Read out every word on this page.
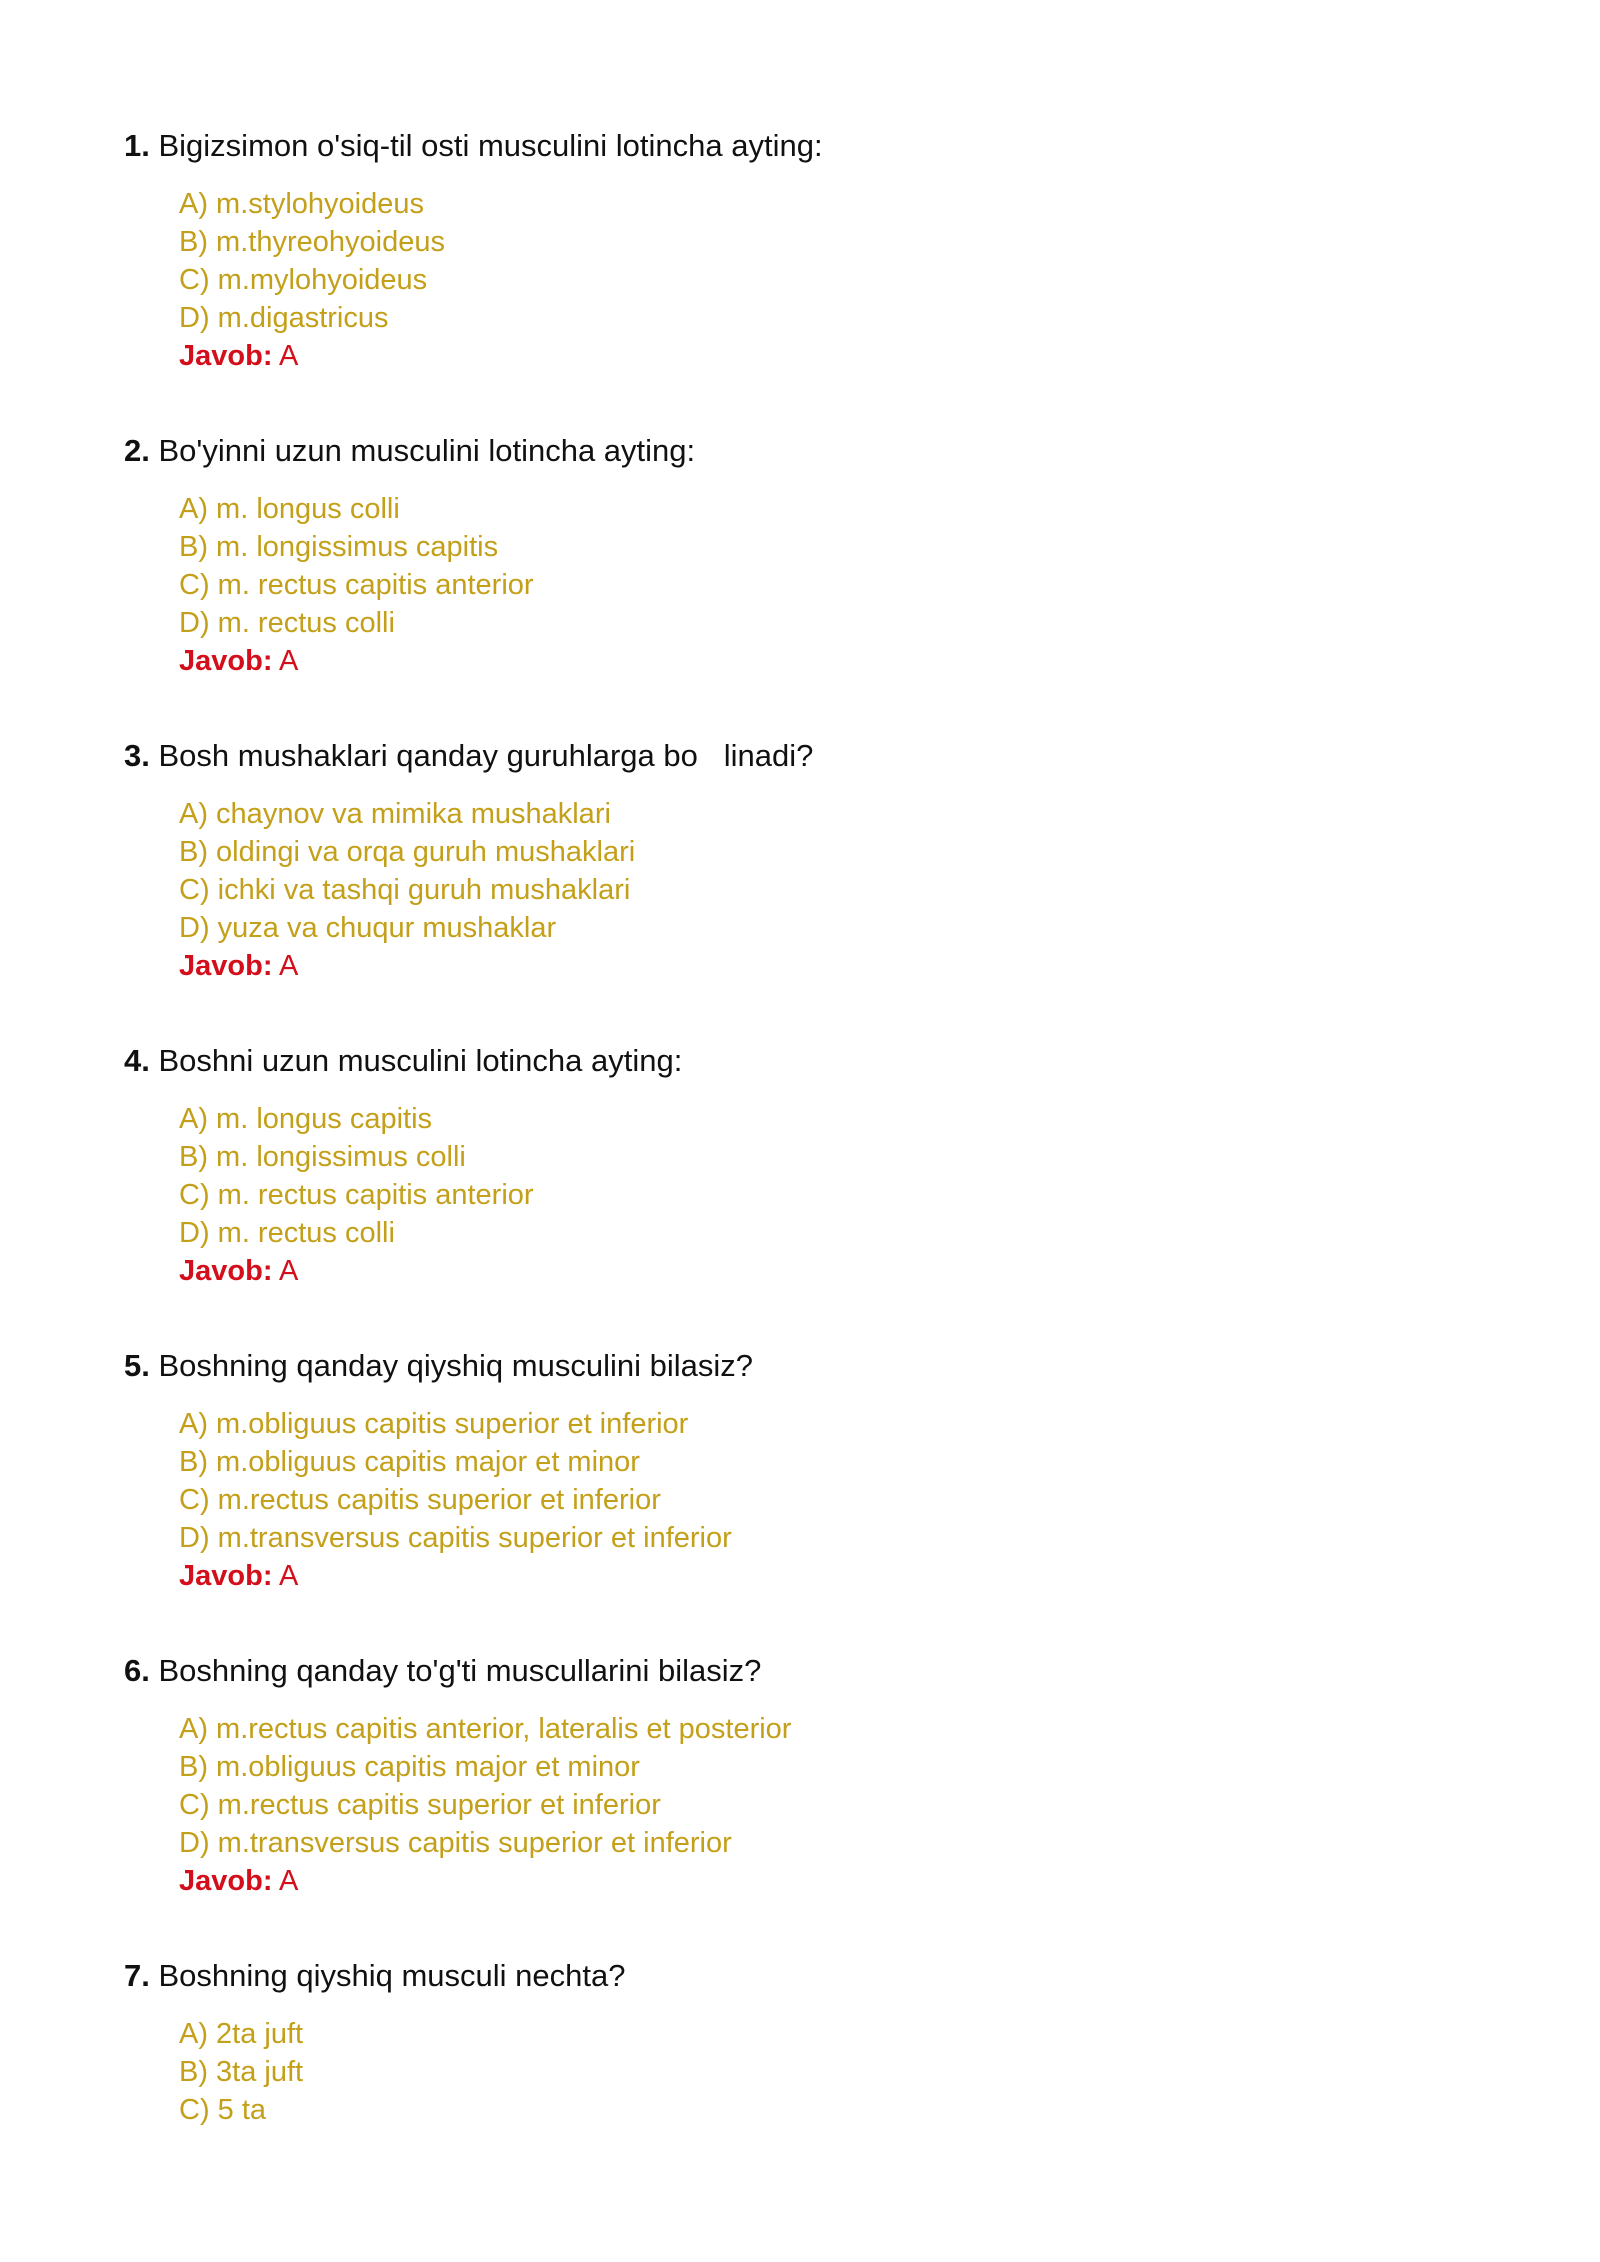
1. Bigizsimon o'siq-til osti musculini lotincha ayting:
A) m.stylohyoideus
B) m.thyreohyoideus
C) m.mylohyoideus
D) m.digastricus
Javob: A
2. Bo'yinni uzun musculini lotincha ayting:
A) m. longus colli
B) m. longissimus capitis
C) m. rectus capitis anterior
D) m. rectus colli
Javob: A
3. Bosh mushaklari qanday guruhlarga bo   linadi?
A) chaynov va mimika mushaklari
B) oldingi va orqa guruh mushaklari
C) ichki va tashqi guruh mushaklari
D) yuza va chuqur mushaklar
Javob: A
4. Boshni uzun musculini lotincha ayting:
A) m. longus capitis
B) m. longissimus colli
C) m. rectus capitis anterior
D) m. rectus colli
Javob: A
5. Boshning qanday qiyshiq musculini bilasiz?
A) m.obliguus capitis superior et inferior
B) m.obliguus capitis major et minor
C) m.rectus capitis superior et inferior
D) m.transversus capitis superior et inferior
Javob: A
6. Boshning qanday to'g'ti muscullarini bilasiz?
A) m.rectus capitis anterior, lateralis et posterior
B) m.obliguus capitis major et minor
C) m.rectus capitis superior et inferior
D) m.transversus capitis superior et inferior
Javob: A
7. Boshning qiyshiq musculi nechta?
A) 2ta juft
B) 3ta juft
C) 5 ta
